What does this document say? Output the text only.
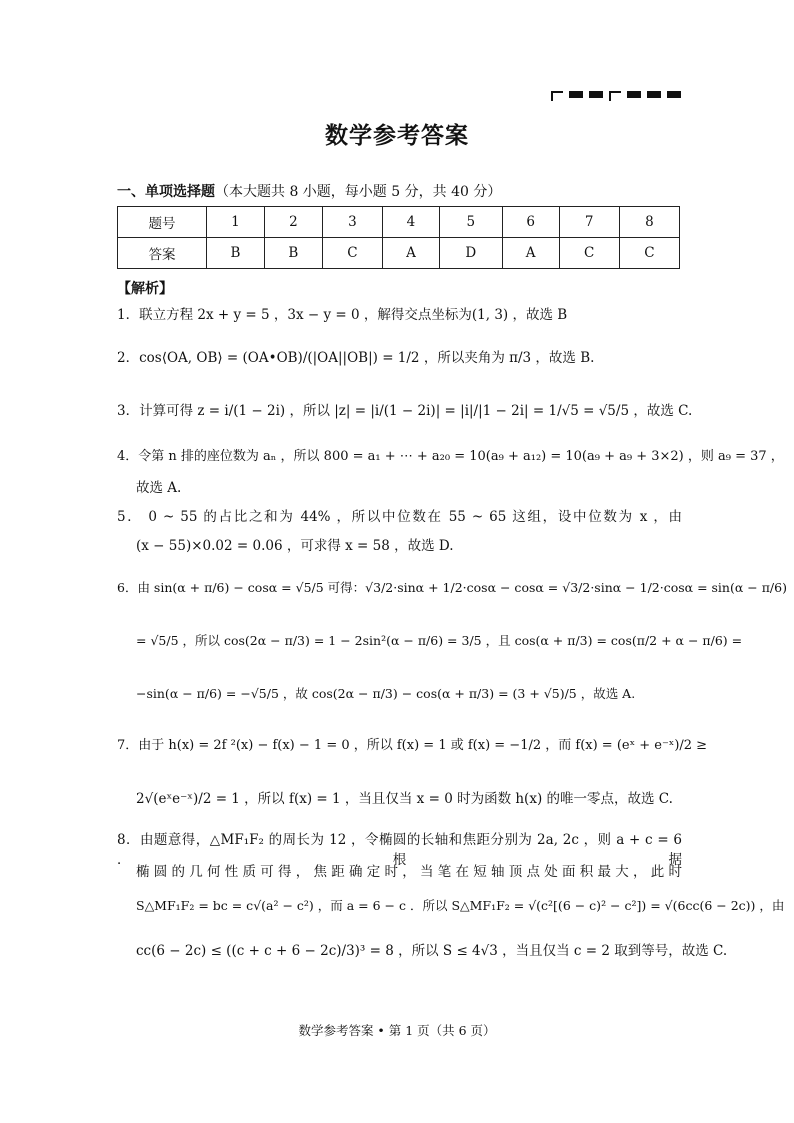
数学参考答案
一、单项选择题（本大题共 8 小题，每小题 5 分，共 40 分）
题号	1	2	3	4	5	6	7	8
答案	B	B	C	A	D	A	C	C
【解析】
1．联立方程 2x + y = 5 ，3x − y = 0 ，解得交点坐标为(1, 3) ，故选 B
2．cos⟨OA, OB⟩ = (OA•OB)/(|OA||OB|) = 1/2 ，所以夹角为 π/3 ，故选 B.
3．计算可得 z = i/(1 − 2i) ，所以 |z| = |i/(1 − 2i)| = |i|/|1 − 2i| = 1/√5 = √5/5 ，故选 C.
4．令第 n 排的座位数为 aₙ ，所以 800 = a₁ + ⋯ + a₂₀ = 10(a₉ + a₁₂) = 10(a₉ + a₉ + 3×2) ，则 a₉ = 37 ，
故选 A.
5． 0 ~ 55 的占比之和为 44% ，所以中位数在 55 ~ 65 这组，设中位数为 x ，由
(x − 55)×0.02 = 0.06 ，可求得 x = 58 ，故选 D.
6．由 sin(α + π/6) − cosα = √5/5 可得：√3/2·sinα + 1/2·cosα − cosα = √3/2·sinα − 1/2·cosα = sin(α − π/6)
= √5/5 ，所以 cos(2α − π/3) = 1 − 2sin²(α − π/6) = 3/5 ，且 cos(α + π/3) = cos(π/2 + α − π/6) =
−sin(α − π/6) = −√5/5 ，故 cos(2α − π/3) − cos(α + π/3) = (3 + √5)/5 ，故选 A.
7．由于 h(x) = 2f ²(x) − f(x) − 1 = 0 ，所以 f(x) = 1 或 f(x) = −1/2 ，而 f(x) = (eˣ + e⁻ˣ)/2 ≥
2√(eˣe⁻ˣ)/2 = 1 ，所以 f(x) = 1 ，当且仅当 x = 0 时为函数 h(x) 的唯一零点，故选 C.
8．由题意得，△MF₁F₂ 的周长为 12 ，令椭圆的长轴和焦距分别为 2a, 2c ，则 a + c = 6 ．根据
椭圆的几何性质可得，焦距确定时，当笔在短轴顶点处面积最大，此时
S△MF₁F₂ = bc = c√(a² − c²) ，而 a = 6 − c ．所以 S△MF₁F₂ = √(c²[(6 − c)² − c²]) = √(6cc(6 − 2c)) ，由
cc(6 − 2c) ≤ ((c + c + 6 − 2c)/3)³ = 8 ，所以 S ≤ 4√3 ，当且仅当 c = 2 取到等号，故选 C.
数学参考答案 • 第 1 页（共 6 页）
